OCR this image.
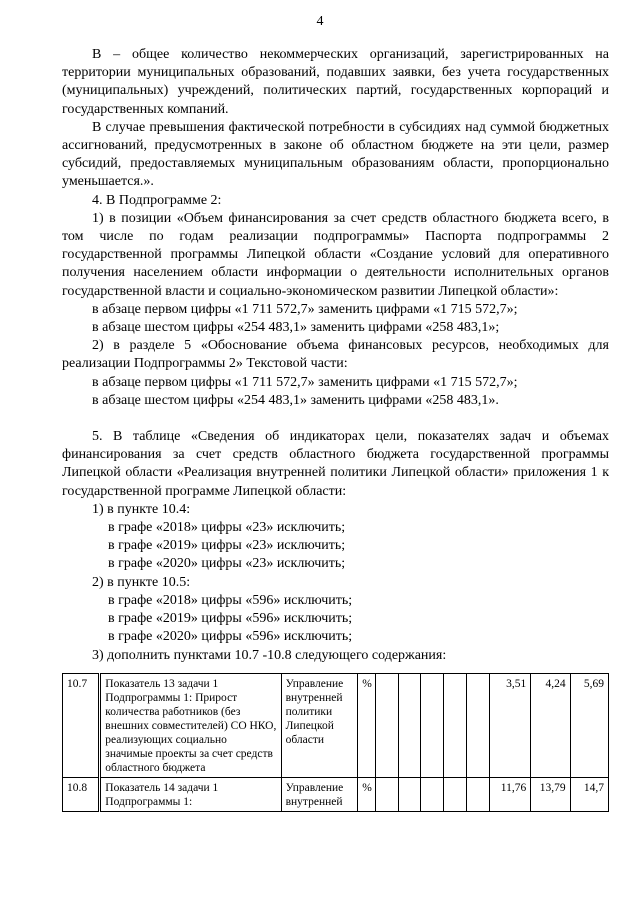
4

В – общее количество некоммерческих организаций, зарегистрированных на территории муниципальных образований, подавших заявки, без учета государственных (муниципальных) учреждений, политических партий, государственных корпораций и государственных компаний.

В случае превышения фактической потребности в субсидиях над суммой бюджетных ассигнований, предусмотренных в законе об областном бюджете на эти цели, размер субсидий, предоставляемых муниципальным образованиям области, пропорционально уменьшается.».

4. В Подпрограмме 2:

1) в позиции «Объем финансирования за счет средств областного бюджета всего, в том числе по годам реализации подпрограммы» Паспорта подпрограммы 2 государственной программы Липецкой области «Создание условий для оперативного получения населением области информации о деятельности исполнительных органов государственной власти и социально-экономическом развитии Липецкой области»:

в абзаце первом цифры «1 711 572,7» заменить цифрами «1 715 572,7»;

в абзаце шестом цифры «254 483,1» заменить цифрами «258 483,1»;

2) в разделе 5 «Обоснование объема финансовых ресурсов, необходимых для реализации Подпрограммы 2» Текстовой части:

в абзаце первом цифры «1 711 572,7» заменить цифрами «1 715 572,7»;

в абзаце шестом цифры «254 483,1» заменить цифрами «258 483,1».

5. В таблице «Сведения об индикаторах цели, показателях задач и объемах финансирования за счет средств областного бюджета государственной программы Липецкой области «Реализация внутренней политики Липецкой области» приложения 1 к государственной программе Липецкой области:

1) в пункте 10.4:

в графе «2018» цифры «23» исключить;

в графе «2019» цифры «23» исключить;

в графе «2020» цифры «23» исключить;

2) в пункте 10.5:

в графе «2018» цифры «596» исключить;

в графе «2019» цифры «596» исключить;

в графе «2020» цифры «596» исключить;

3) дополнить пунктами 10.7 -10.8 следующего содержания:

10.7	Показатель 13 задачи 1 Подпрограммы 1: Прирост количества работников (без внешних совместителей) СО НКО, реализующих социально значимые проекты за счет средств областного бюджета	Управление внутренней политики Липецкой области	%						3,51	4,24	5,69
10.8	Показатель 14 задачи 1 Подпрограммы 1:	Управление внутренней	%						11,76	13,79	14,7
